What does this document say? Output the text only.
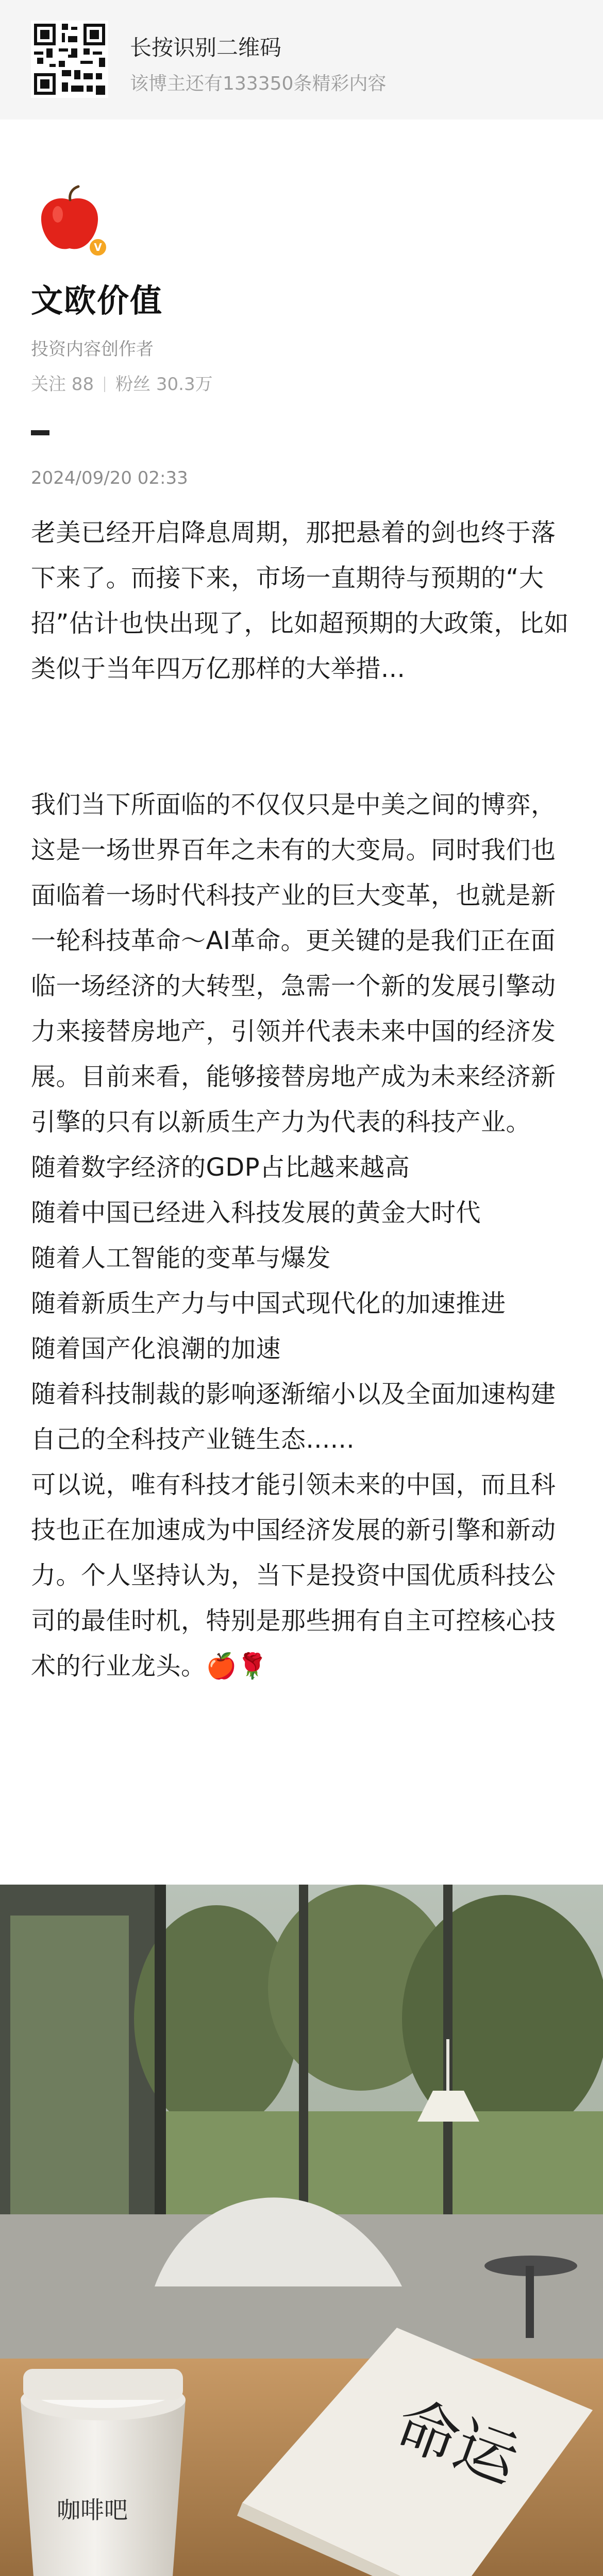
长按识别二维码
该博主还有133350条精彩内容
V
文欧价值
投资内容创作者
关注 88 粉丝 30.3万
2024/09/20 02:33

老美已经开启降息周期，那把悬着的剑也终于落下来了。而接下来，市场一直期待与预期的“大招”估计也快出现了，比如超预期的大政策，比如类似于当年四万亿那样的大举措...

我们当下所面临的不仅仅只是中美之间的博弈，这是一场世界百年之未有的大变局。同时我们也面临着一场时代科技产业的巨大变革，也就是新一轮科技革命～AI革命。更关键的是我们正在面临一场经济的大转型，急需一个新的发展引擎动力来接替房地产，引领并代表未来中国的经济发展。目前来看，能够接替房地产成为未来经济新引擎的只有以新质生产力为代表的科技产业。

随着数字经济的GDP占比越来越高

随着中国已经进入科技发展的黄金大时代

随着人工智能的变革与爆发

随着新质生产力与中国式现代化的加速推进

随着国产化浪潮的加速

随着科技制裁的影响逐渐缩小以及全面加速构建自己的全科技产业链生态......

可以说，唯有科技才能引领未来的中国，而且科技也正在加速成为中国经济发展的新引擎和新动力。个人坚持认为，当下是投资中国优质科技公司的最佳时机，特别是那些拥有自主可控核心技术的行业龙头。🍎🌹

命运
咖啡吧
